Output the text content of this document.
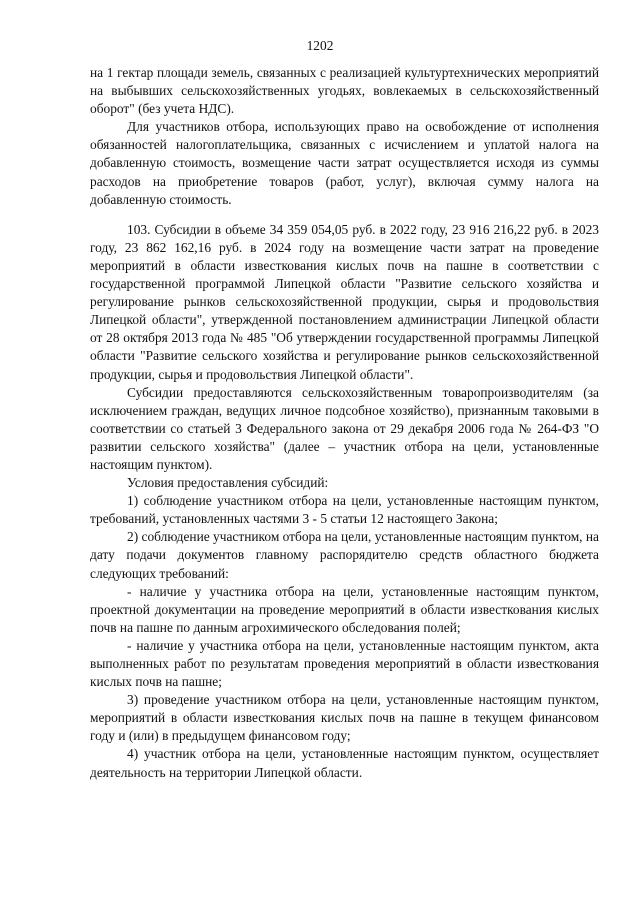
1202

на 1 гектар площади земель, связанных с реализацией культуртехнических мероприятий на выбывших сельскохозяйственных угодьях, вовлекаемых в сельскохозяйственный оборот" (без учета НДС).

Для участников отбора, использующих право на освобождение от исполнения обязанностей налогоплательщика, связанных с исчислением и уплатой налога на добавленную стоимость, возмещение части затрат осуществляется исходя из суммы расходов на приобретение товаров (работ, услуг), включая сумму налога на добавленную стоимость.

103. Субсидии в объеме 34 359 054,05 руб. в 2022 году, 23 916 216,22 руб. в 2023 году, 23 862 162,16 руб. в 2024 году на возмещение части затрат на проведение мероприятий в области известкования кислых почв на пашне в соответствии с государственной программой Липецкой области "Развитие сельского хозяйства и регулирование рынков сельскохозяйственной продукции, сырья и продовольствия Липецкой области", утвержденной постановлением администрации Липецкой области от 28 октября 2013 года № 485 "Об утверждении государственной программы Липецкой области "Развитие сельского хозяйства и регулирование рынков сельскохозяйственной продукции, сырья и продовольствия Липецкой области".

Субсидии предоставляются сельскохозяйственным товаропроизводителям (за исключением граждан, ведущих личное подсобное хозяйство), признанным таковыми в соответствии со статьей 3 Федерального закона от 29 декабря 2006 года № 264-ФЗ "О развитии сельского хозяйства" (далее – участник отбора на цели, установленные настоящим пунктом).

Условия предоставления субсидий:

1) соблюдение участником отбора на цели, установленные настоящим пунктом, требований, установленных частями 3 - 5 статьи 12 настоящего Закона;

2) соблюдение участником отбора на цели, установленные настоящим пунктом, на дату подачи документов главному распорядителю средств областного бюджета следующих требований:

- наличие у участника отбора на цели, установленные настоящим пунктом, проектной документации на проведение мероприятий в области известкования кислых почв на пашне по данным агрохимического обследования полей;

- наличие у участника отбора на цели, установленные настоящим пунктом, акта выполненных работ по результатам проведения мероприятий в области известкования кислых почв на пашне;

3) проведение участником отбора на цели, установленные настоящим пунктом, мероприятий в области известкования кислых почв на пашне в текущем финансовом году и (или) в предыдущем финансовом году;

4) участник отбора на цели, установленные настоящим пунктом, осуществляет деятельность на территории Липецкой области.
